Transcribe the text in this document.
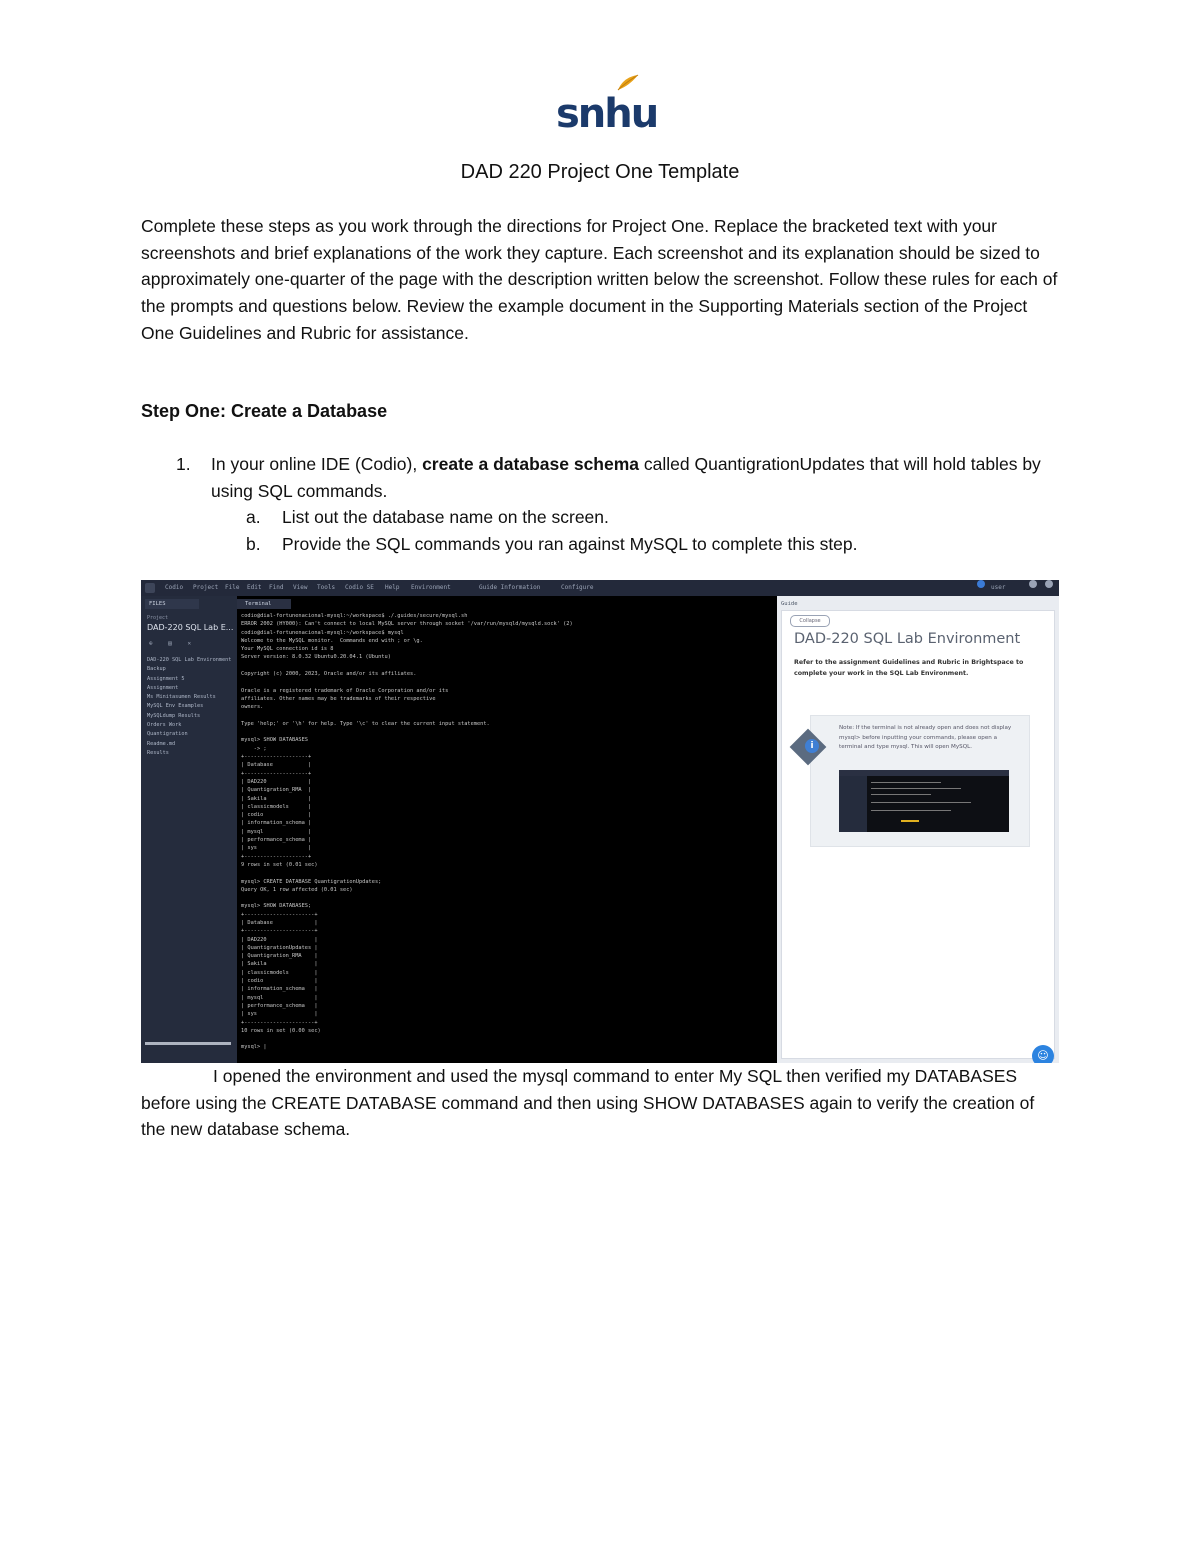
snhu
DAD 220 Project One Template

Complete these steps as you work through the directions for Project One. Replace the bracketed text with your screenshots and brief explanations of the work they capture. Each screenshot and its explanation should be sized to approximately one-quarter of the page with the description written below the screenshot. Follow these rules for each of the prompts and questions below. Review the example document in the Supporting Materials section of the Project One Guidelines and Rubric for assistance.

Step One: Create a Database
1. In your online IDE (Codio), create a database schema called QuantigrationUpdates that will hold tables by using SQL commands.
a. List out the database name on the screen.
b. Provide the SQL commands you ran against MySQL to complete this step.
Codio Project File Edit Find View Tools Codio SE Help Environment	Guide Information	Configure	user
FILES
Project
DAD-220 SQL Lab E...
⊕ ▤ ✕
DAD-220 SQL Lab Environment
Backup
Assignment 5
Assignment
Ms Minitasumen Results
MySQL Env Examples
MySQLdump Results
Orders Work
Quantigration
Readme.md
Results
Terminal
codio@dial-fortunenacional-mysql:~/workspace$ ./.guides/secure/mysql.sh
ERROR 2002 (HY000): Can't connect to local MySQL server through socket '/var/run/mysqld/mysqld.sock' (2)
codio@dial-fortunenacional-mysql:~/workspace$ mysql
Welcome to the MySQL monitor.  Commands end with ; or \g.
Your MySQL connection id is 8
Server version: 8.0.32 Ubuntu0.20.04.1 (Ubuntu)
Copyright (c) 2000, 2023, Oracle and/or its affiliates.
Oracle is a registered trademark of Oracle Corporation and/or its
affiliates. Other names may be trademarks of their respective
owners.
Type 'help;' or '\h' for help. Type '\c' to clear the current input statement.
mysql> SHOW DATABASES
-> ;
+--------------------+
| Database           |
+--------------------+
| DAD220             |
| Quantigration_RMA  |
| Sakila             |
| classicmodels      |
| codio              |
| information_schema |
| mysql              |
| performance_schema |
| sys                |
+--------------------+
9 rows in set (0.01 sec)
mysql> CREATE DATABASE QuantigrationUpdates;
Query OK, 1 row affected (0.01 sec)
mysql> SHOW DATABASES;
+----------------------+
| Database             |
+----------------------+
| DAD220               |
| QuantigrationUpdates |
| Quantigration_RMA    |
| Sakila               |
| classicmodels        |
| codio                |
| information_schema   |
| mysql                |
| performance_schema   |
| sys                  |
+----------------------+
10 rows in set (0.00 sec)
mysql> |
Guide
Collapse
DAD-220 SQL Lab Environment
Refer to the assignment Guidelines and Rubric in Brightspace to complete your work in the SQL Lab Environment.
i
Note: If the terminal is not already open and does not display mysql> before inputting your commands, please open a terminal and type mysql. This will open MySQL.
☺

I opened the environment and used the mysql command to enter My SQL then verified my DATABASES before using the CREATE DATABASE command and then using SHOW DATABASES again to verify the creation of the new database schema.
